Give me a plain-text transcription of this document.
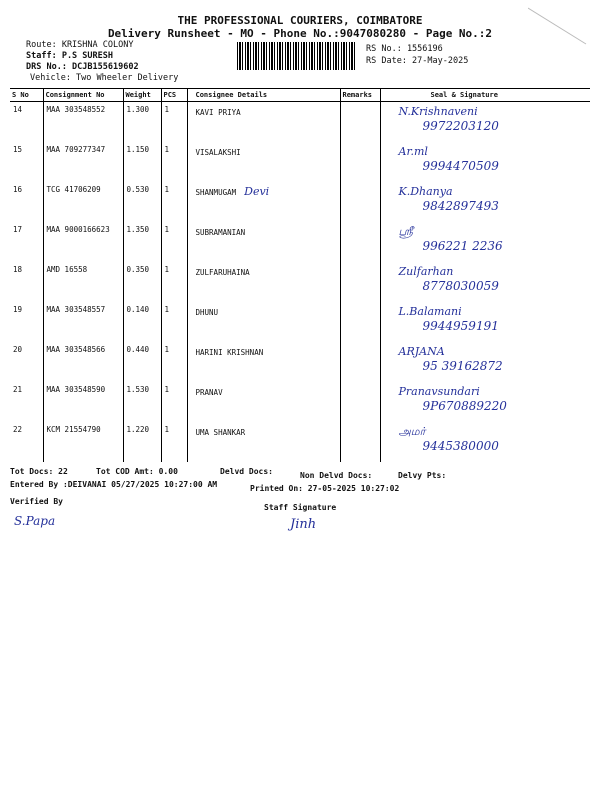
THE PROFESSIONAL COURIERS, COIMBATORE
Delivery Runsheet - MO - Phone No.:9047080280 - Page No.:2
Route: KRISHNA COLONY
Staff: P.S SURESH
DRS No.: DCJB155619602
Vehicle: Two Wheeler Delivery
RS No.: 1556196
RS Date: 27-May-2025
S No	Consignment No	Weight	PCS	Consignee Details	Remarks	Seal & Signature
14	MAA 303548552	1.300	1	KAVI PRIYA		N.Krishnaveni
9972203120

15	MAA 709277347	1.150	1	VISALAKSHI		Ar.ml
9994470509

16	TCG 41706209	0.530	1	SHANMUGAM Devi		K.Dhanya
9842897493

17	MAA 9000166623	1.350	1	SUBRAMANIAN		ஸ்ரீ
996221 2236

18	AMD 16558	0.350	1	ZULFARUHAINA		Zulfarhan
8778030059

19	MAA 303548557	0.140	1	DHUNU		L.Balamani
9944959191

20	MAA 303548566	0.440	1	HARINI KRISHNAN		ARJANA
95 39162872

21	MAA 303548590	1.530	1	PRANAV		Pranavsundari
9P670889220

22	KCM 21554790	1.220	1	UMA SHANKAR		அமர்
9445380000
Tot Docs: 22	Tot COD Amt: 0.00	Delvd Docs:	Non Delvd Docs:	Delvy Pts:
Entered By :DEIVANAI 05/27/2025 10:27:00 AM	Printed On: 27-05-2025 10:27:02
Verified By
S.Papa
Staff Signature
Jinh
